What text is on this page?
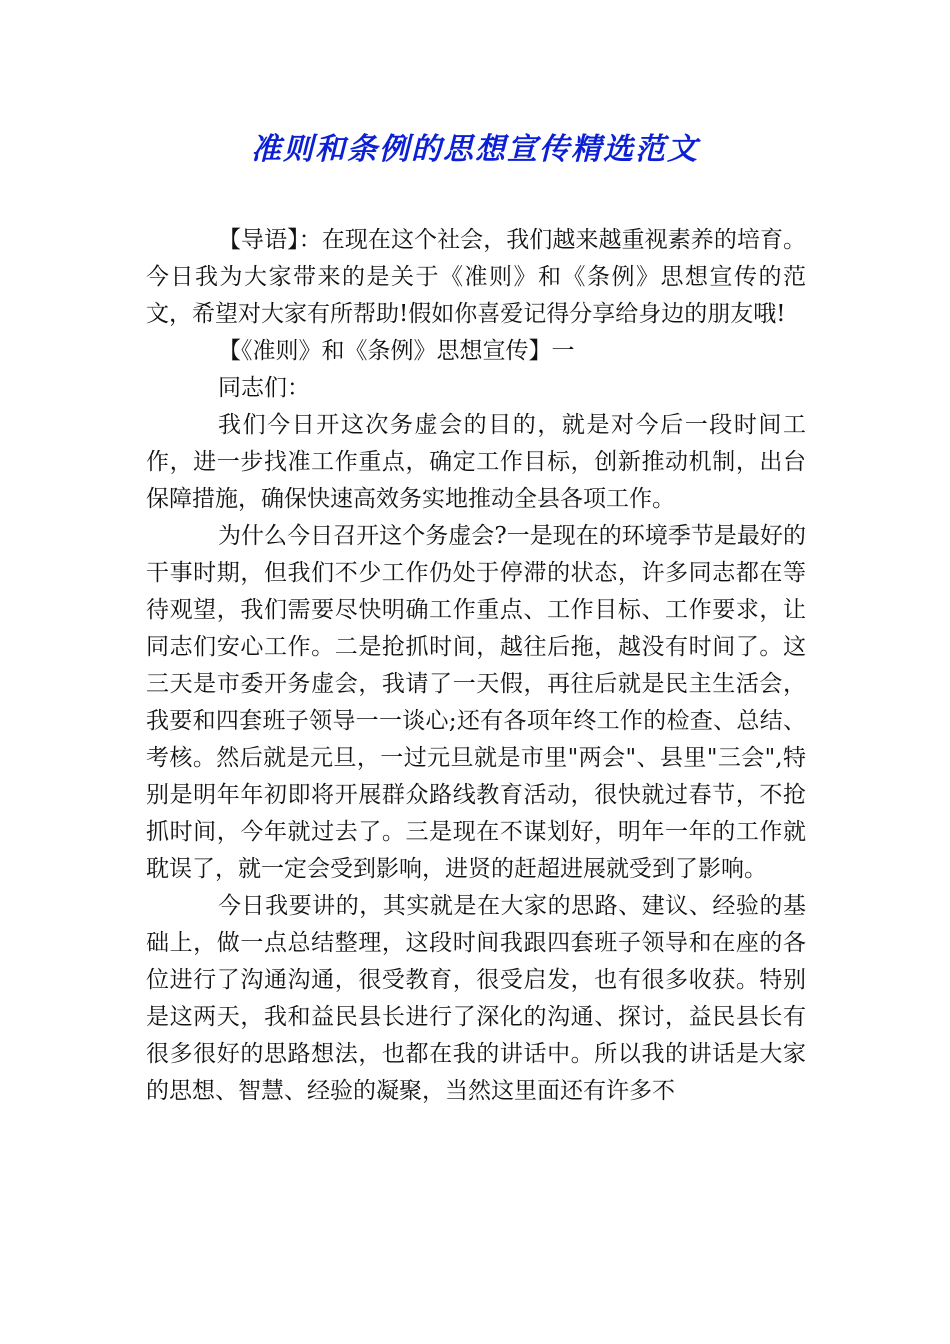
准则和条例的思想宣传精选范文

【导语】：在现在这个社会，我们越来越重视素养的培育。今日我为大家带来的是关于《准则》和《条例》思想宣传的范文，希望对大家有所帮助!假如你喜爱记得分享给身边的朋友哦!

【《准则》和《条例》思想宣传】一

同志们：

我们今日开这次务虚会的目的，就是对今后一段时间工作，进一步找准工作重点，确定工作目标，创新推动机制，出台保障措施，确保快速高效务实地推动全县各项工作。

为什么今日召开这个务虚会?一是现在的环境季节是最好的干事时期，但我们不少工作仍处于停滞的状态，许多同志都在等待观望，我们需要尽快明确工作重点、工作目标、工作要求，让同志们安心工作。二是抢抓时间，越往后拖，越没有时间了。这三天是市委开务虚会，我请了一天假，再往后就是民主生活会，我要和四套班子领导一一谈心;还有各项年终工作的检查、总结、考核。然后就是元旦，一过元旦就是市里"两会"、县里"三会",特别是明年年初即将开展群众路线教育活动，很快就过春节，不抢抓时间，今年就过去了。三是现在不谋划好，明年一年的工作就耽误了，就一定会受到影响，进贤的赶超进展就受到了影响。

今日我要讲的，其实就是在大家的思路、建议、经验的基础上，做一点总结整理，这段时间我跟四套班子领导和在座的各位进行了沟通沟通，很受教育，很受启发，也有很多收获。特别是这两天，我和益民县长进行了深化的沟通、探讨，益民县长有很多很好的思路想法，也都在我的讲话中。所以我的讲话是大家的思想、智慧、经验的凝聚，当然这里面还有许多不
